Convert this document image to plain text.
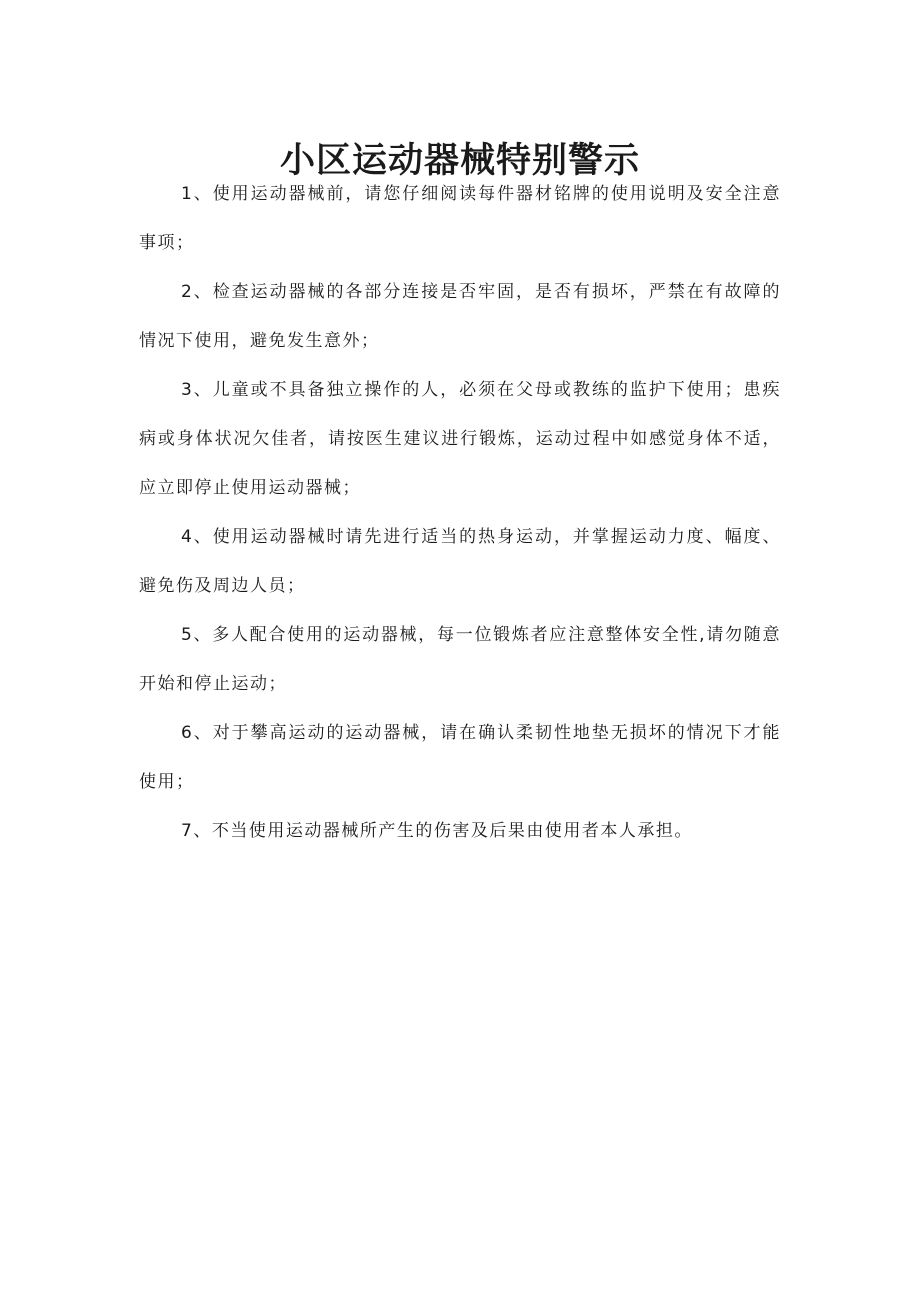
小区运动器械特别警示

1、使用运动器械前，请您仔细阅读每件器材铭牌的使用说明及安全注意事项；

2、检查运动器械的各部分连接是否牢固，是否有损坏，严禁在有故障的情况下使用，避免发生意外；

3、儿童或不具备独立操作的人，必须在父母或教练的监护下使用；患疾病或身体状况欠佳者，请按医生建议进行锻炼，运动过程中如感觉身体不适，应立即停止使用运动器械；

4、使用运动器械时请先进行适当的热身运动，并掌握运动力度、幅度、避免伤及周边人员；

5、多人配合使用的运动器械，每一位锻炼者应注意整体安全性,请勿随意开始和停止运动；

6、对于攀高运动的运动器械，请在确认柔韧性地垫无损坏的情况下才能使用；

7、不当使用运动器械所产生的伤害及后果由使用者本人承担。
